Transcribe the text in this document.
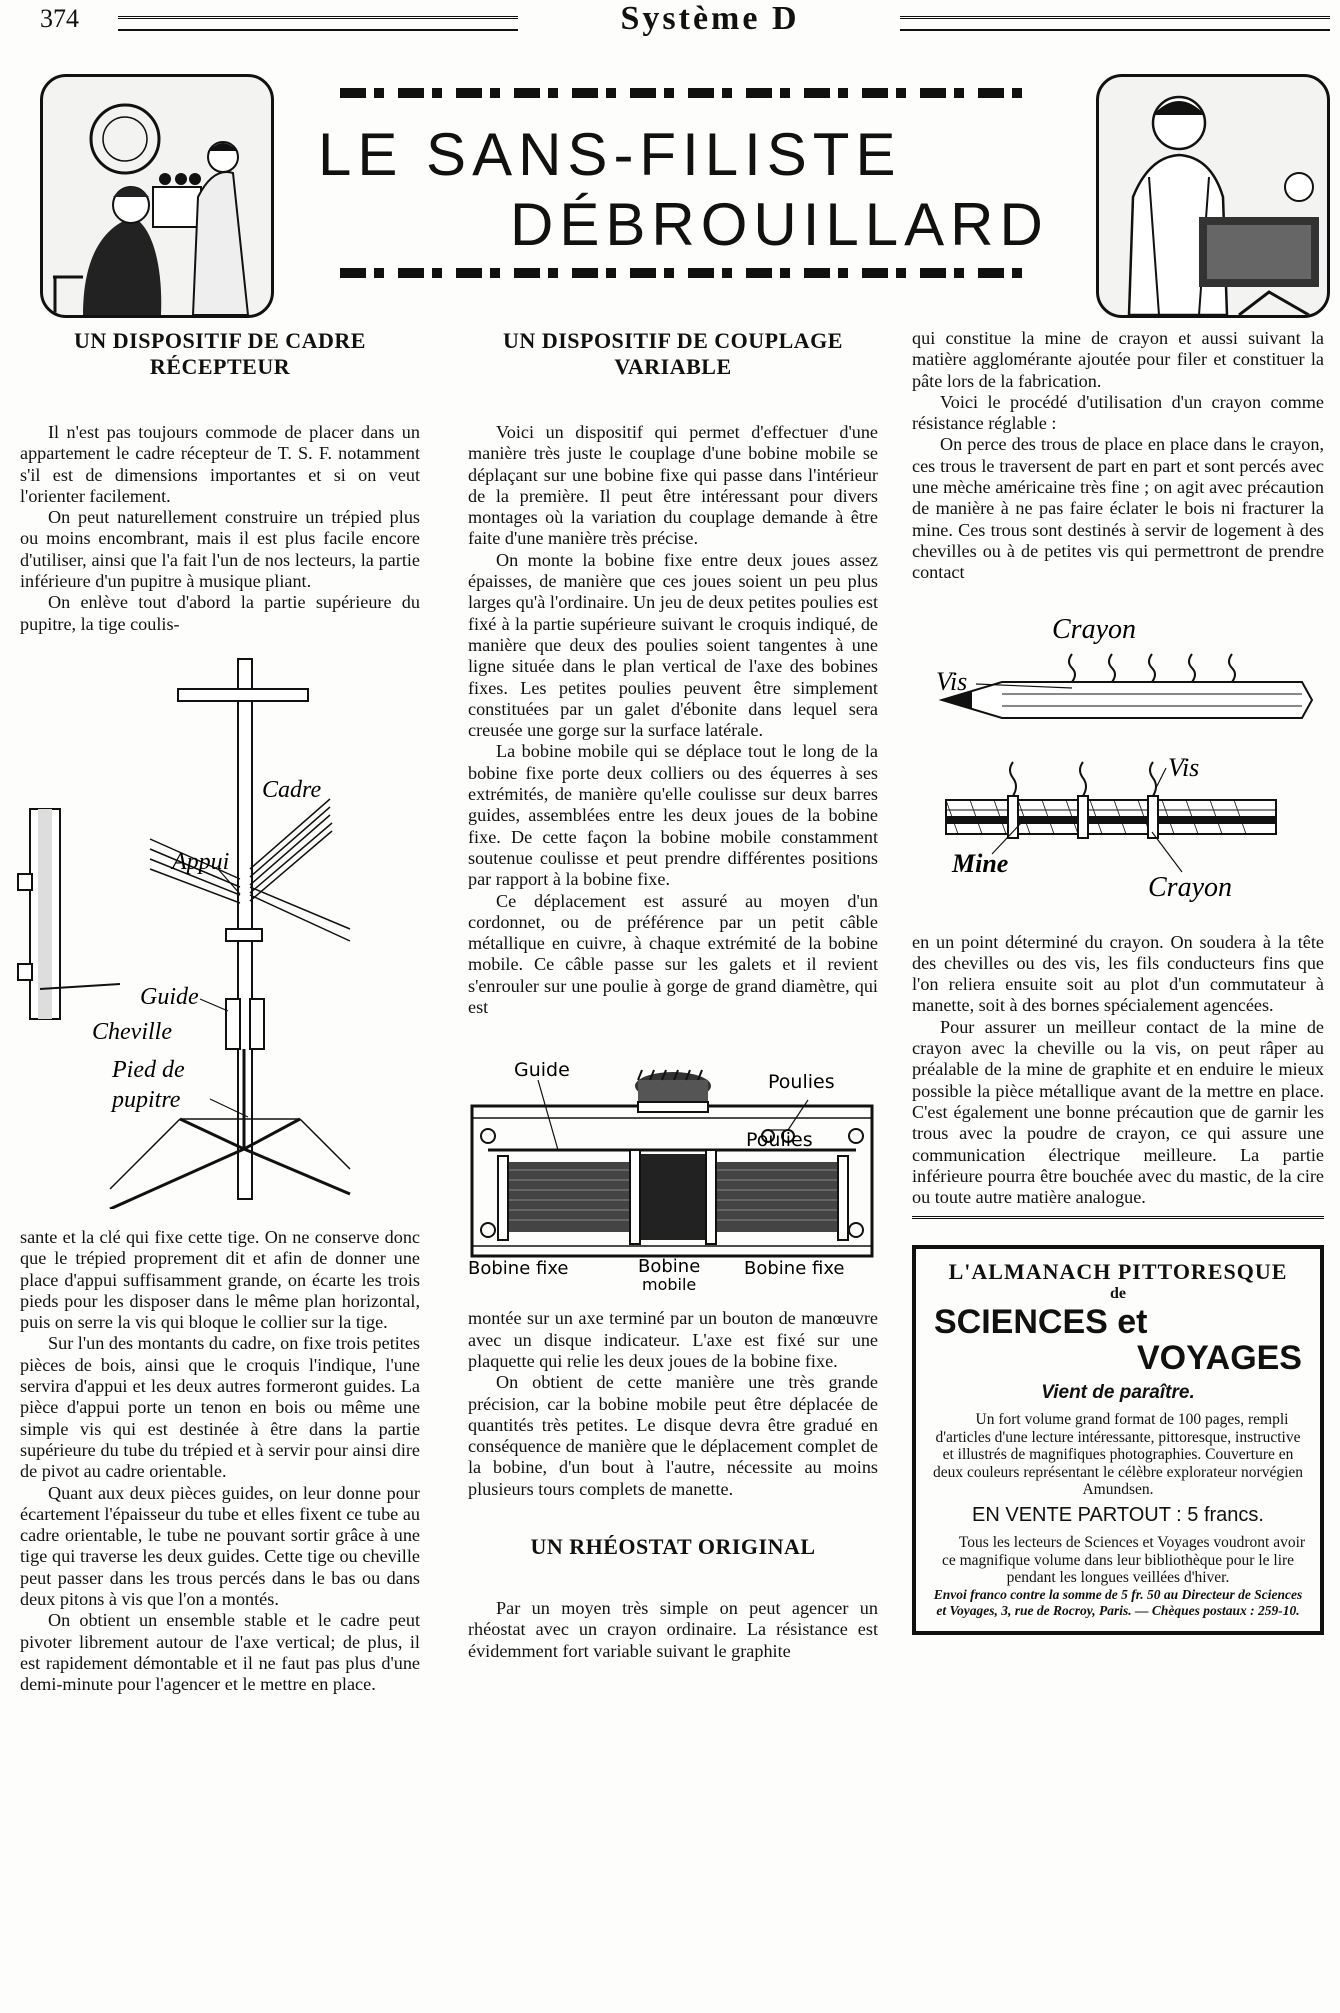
374	Système D
LE SANS-FILISTE
DÉBROUILLARD
UN DISPOSITIF DE CADRE RÉCEPTEUR

Il n'est pas toujours commode de placer dans un appartement le cadre récepteur de T. S. F. notamment s'il est de dimensions importantes et si on veut l'orienter facilement.

On peut naturellement construire un trépied plus ou moins encombrant, mais il est plus facile encore d'utiliser, ainsi que l'a fait l'un de nos lecteurs, la partie inférieure d'un pupitre à musique pliant.

On enlève tout d'abord la partie supérieure du pupitre, la tige coulis-

Cadre
Appui
Guide
Cheville
Pied de
pupitre

sante et la clé qui fixe cette tige. On ne conserve donc que le trépied proprement dit et afin de donner une place d'appui suffisamment grande, on écarte les trois pieds pour les disposer dans le même plan horizontal, puis on serre la vis qui bloque le collier sur la tige.

Sur l'un des montants du cadre, on fixe trois petites pièces de bois, ainsi que le croquis l'indique, l'une servira d'appui et les deux autres formeront guides. La pièce d'appui porte un tenon en bois ou même une simple vis qui est destinée à être dans la partie supérieure du tube du trépied et à servir pour ainsi dire de pivot au cadre orientable.

Quant aux deux pièces guides, on leur donne pour écartement l'épaisseur du tube et elles fixent ce tube au cadre orientable, le tube ne pouvant sortir grâce à une tige qui traverse les deux guides. Cette tige ou cheville peut passer dans les trous percés dans le bas ou dans deux pitons à vis que l'on a montés.

On obtient un ensemble stable et le cadre peut pivoter librement autour de l'axe vertical; de plus, il est rapidement démontable et il ne faut pas plus d'une demi-minute pour l'agencer et le mettre en place.

UN DISPOSITIF DE COUPLAGE VARIABLE

Voici un dispositif qui permet d'effectuer d'une manière très juste le couplage d'une bobine mobile se déplaçant sur une bobine fixe qui passe dans l'intérieur de la première. Il peut être intéressant pour divers montages où la variation du couplage demande à être faite d'une manière très précise.

On monte la bobine fixe entre deux joues assez épaisses, de manière que ces joues soient un peu plus larges qu'à l'ordinaire. Un jeu de deux petites poulies est fixé à la partie supérieure suivant le croquis indiqué, de manière que deux des poulies soient tangentes à une ligne située dans le plan vertical de l'axe des bobines fixes. Les petites poulies peuvent être simplement constituées par un galet d'ébonite dans lequel sera creusée une gorge sur la surface latérale.

La bobine mobile qui se déplace tout le long de la bobine fixe porte deux colliers ou des équerres à ses extrémités, de manière qu'elle coulisse sur deux barres guides, assemblées entre les deux joues de la bobine fixe. De cette façon la bobine mobile constamment soutenue coulisse et peut prendre différentes positions par rapport à la bobine fixe.

Ce déplacement est assuré au moyen d'un cordonnet, ou de préférence par un petit câble métallique en cuivre, à chaque extrémité de la bobine mobile. Ce câble passe sur les galets et il revient s'enrouler sur une poulie à gorge de grand diamètre, qui est

Guide
Poulies
Poulies
Bobine fixe	Bobine
mobile
Bobine fixe

montée sur un axe terminé par un bouton de manœuvre avec un disque indicateur. L'axe est fixé sur une plaquette qui relie les deux joues de la bobine fixe.

On obtient de cette manière une très grande précision, car la bobine mobile peut être déplacée de quantités très petites. Le disque devra être gradué en conséquence de manière que le déplacement complet de la bobine, d'un bout à l'autre, nécessite au moins plusieurs tours complets de manette.

UN RHÉOSTAT ORIGINAL

Par un moyen très simple on peut agencer un rhéostat avec un crayon ordinaire. La résistance est évidemment fort variable suivant le graphite

qui constitue la mine de crayon et aussi suivant la matière agglomérante ajoutée pour filer et constituer la pâte lors de la fabrication.

Voici le procédé d'utilisation d'un crayon comme résistance réglable :

On perce des trous de place en place dans le crayon, ces trous le traversent de part en part et sont percés avec une mèche américaine très fine ; on agit avec précaution de manière à ne pas faire éclater le bois ni fracturer la mine. Ces trous sont destinés à servir de logement à des chevilles ou à de petites vis qui permettront de prendre contact

Crayon
Vis
Vis
Mine
Crayon

en un point déterminé du crayon. On soudera à la tête des chevilles ou des vis, les fils conducteurs fins que l'on reliera ensuite soit au plot d'un commutateur à manette, soit à des bornes spécialement agencées.

Pour assurer un meilleur contact de la mine de crayon avec la cheville ou la vis, on peut râper au préalable de la mine de graphite et en enduire le mieux possible la pièce métallique avant de la mettre en place. C'est également une bonne précaution que de garnir les trous avec la poudre de crayon, ce qui assure une communication électrique meilleure. La partie inférieure pourra être bouchée avec du mastic, de la cire ou toute autre matière analogue.

L'ALMANACH PITTORESQUE
de
SCIENCES et
VOYAGES
Vient de paraître.

Un fort volume grand format de 100 pages, rempli d'articles d'une lecture intéressante, pittoresque, instructive et illustrés de magnifiques photographies. Couverture en deux couleurs représentant le célèbre explorateur norvégien Amundsen.

EN VENTE PARTOUT : 5 francs.

Tous les lecteurs de Sciences et Voyages voudront avoir ce magnifique volume dans leur bibliothèque pour le lire pendant les longues veillées d'hiver.

Envoi franco contre la somme de 5 fr. 50 au Directeur de Sciences et Voyages, 3, rue de Rocroy, Paris. — Chèques postaux : 259-10.
